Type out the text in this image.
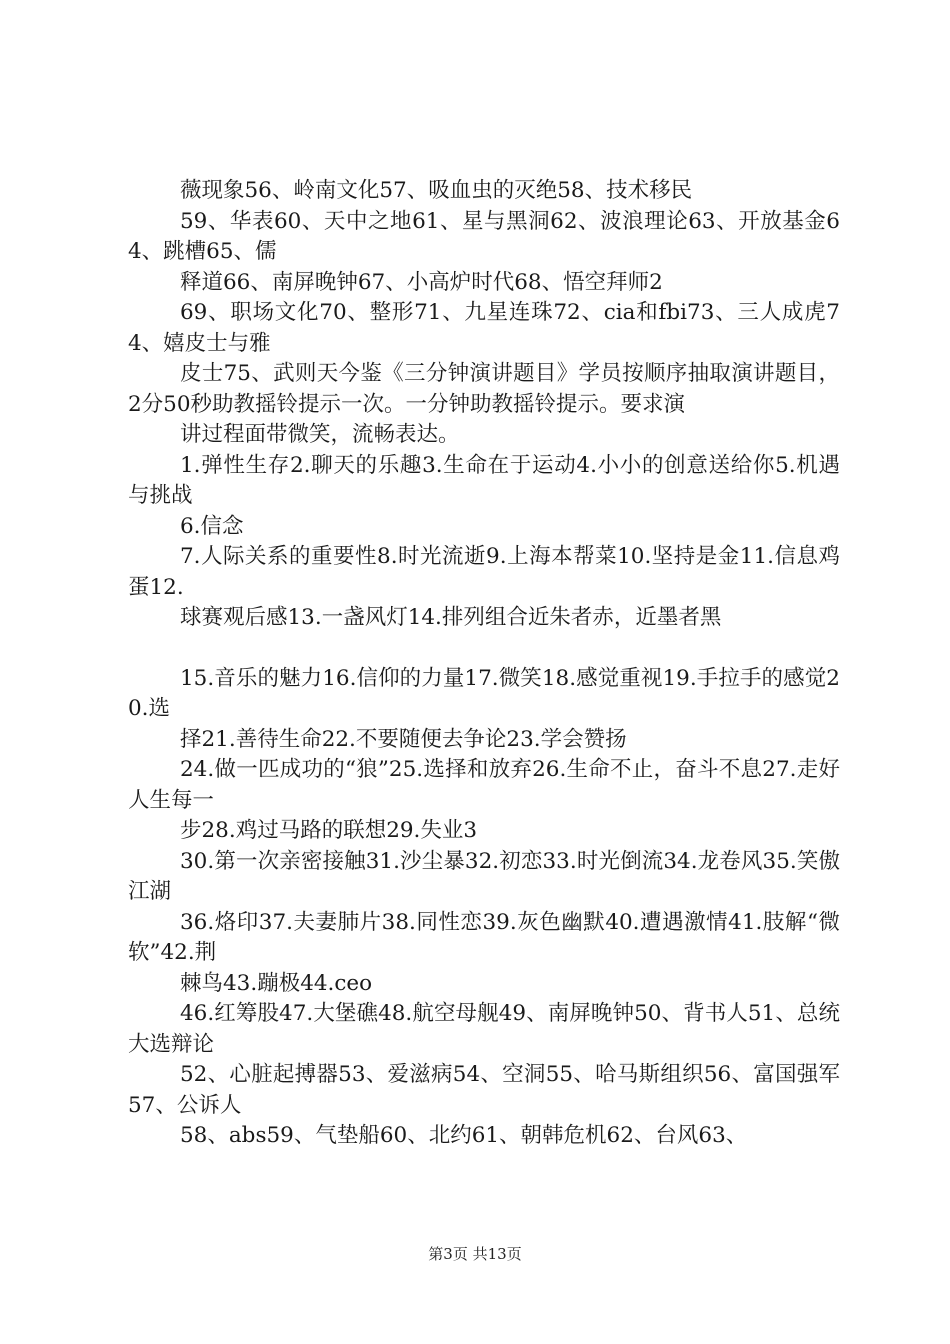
薇现象56、岭南文化57、吸血虫的灭绝58、技术移民

59、华表60、天中之地61、星与黑洞62、波浪理论63、开放基金64、跳槽65、儒

释道66、南屏晚钟67、小高炉时代68、悟空拜师2

69、职场文化70、整形71、九星连珠72、cia和fbi73、三人成虎74、嬉皮士与雅

皮士75、武则天今鉴《三分钟演讲题目》学员按顺序抽取演讲题目，2分50秒助教摇铃提示一次。一分钟助教摇铃提示。要求演

讲过程面带微笑，流畅表达。

1.弹性生存2.聊天的乐趣3.生命在于运动4.小小的创意送给你5.机遇与挑战

6.信念

7.人际关系的重要性8.时光流逝9.上海本帮菜10.坚持是金11.信息鸡蛋12.

球赛观后感13.一盏风灯14.排列组合近朱者赤，近墨者黑

15.音乐的魅力16.信仰的力量17.微笑18.感觉重视19.手拉手的感觉20.选

择21.善待生命22.不要随便去争论23.学会赞扬

24.做一匹成功的“狼”25.选择和放弃26.生命不止，奋斗不息27.走好人生每一

步28.鸡过马路的联想29.失业3

30.第一次亲密接触31.沙尘暴32.初恋33.时光倒流34.龙卷风35.笑傲江湖

36.烙印37.夫妻肺片38.同性恋39.灰色幽默40.遭遇激情41.肢解“微软”42.荆

棘鸟43.蹦极44.ceo

46.红筹股47.大堡礁48.航空母舰49、南屏晚钟50、背书人51、总统大选辩论

52、心脏起搏器53、爱滋病54、空洞55、哈马斯组织56、富国强军57、公诉人

58、abs59、气垫船60、北约61、朝韩危机62、台风63、

第3页 共13页
